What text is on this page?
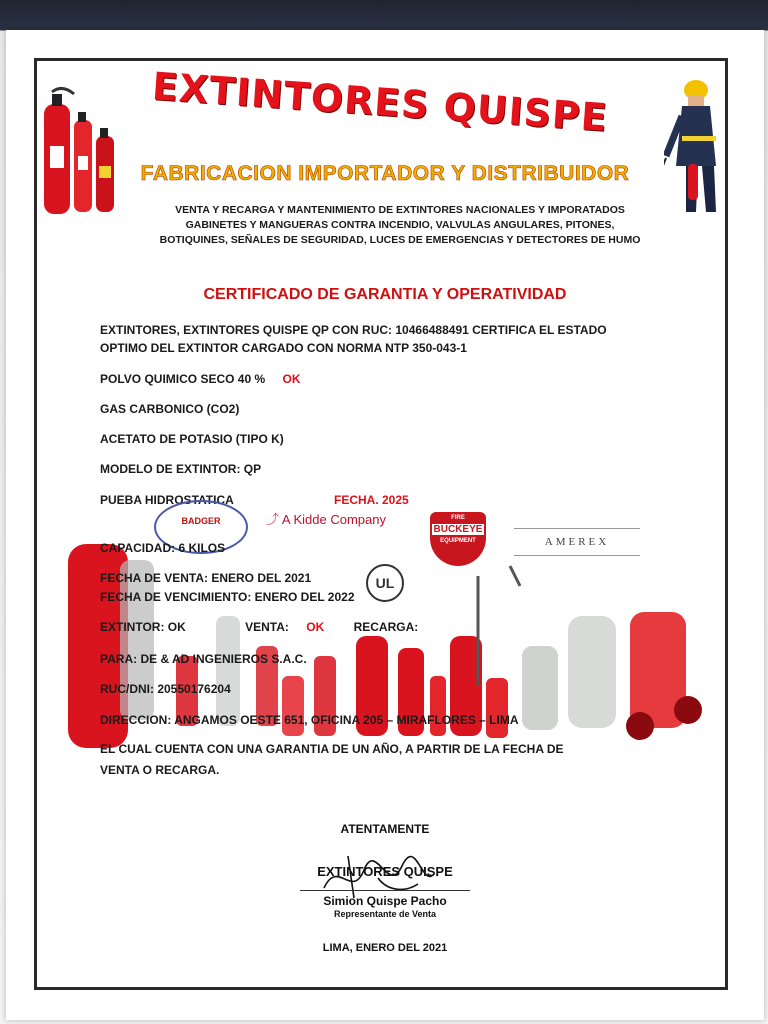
EXTINTORES QUISPE
FABRICACION IMPORTADOR Y DISTRIBUIDOR
VENTA Y RECARGA Y MANTENIMIENTO DE EXTINTORES NACIONALES Y IMPORATADOS
GABINETES Y MANGUERAS CONTRA INCENDIO, VALVULAS ANGULARES, PITONES,
BOTIQUINES, SEÑALES DE SEGURIDAD, LUCES DE EMERGENCIAS Y DETECTORES DE HUMO
CERTIFICADO DE GARANTIA Y OPERATIVIDAD
EXTINTORES, EXTINTORES QUISPE QP CON RUC: 10466488491 CERTIFICA EL ESTADO
OPTIMO DEL EXTINTOR CARGADO CON NORMA NTP 350-043-1
POLVO QUIMICO SECO 40 % OK
GAS CARBONICO (CO2)
ACETATO DE POTASIO (TIPO K)
MODELO DE EXTINTOR: QP
PUEBA HIDROSTATICA	FECHA. 2025
BADGER	⤴ A Kidde Company	FIRE
BUCKEYE
EQUIPMENT	AMEREX
UL
CAPACIDAD: 6 KILOS
FECHA DE VENTA: ENERO DEL 2021
FECHA DE VENCIMIENTO: ENERO DEL 2022
EXTINTOR: OK	VENTA: OK RECARGA:
PARA: DE & AD INGENIEROS S.A.C.
RUC/DNI: 20550176204
DIRECCION: ANGAMOS OESTE 651, OFICINA 205 – MIRAFLORES – LIMA
EL CUAL CUENTA CON UNA GARANTIA DE UN AÑO, A PARTIR DE LA FECHA DE
VENTA O RECARGA.
ATENTAMENTE
EXTINTORES QUISPE
Simion Quispe Pacho
Representante de Venta
LIMA, ENERO DEL 2021
